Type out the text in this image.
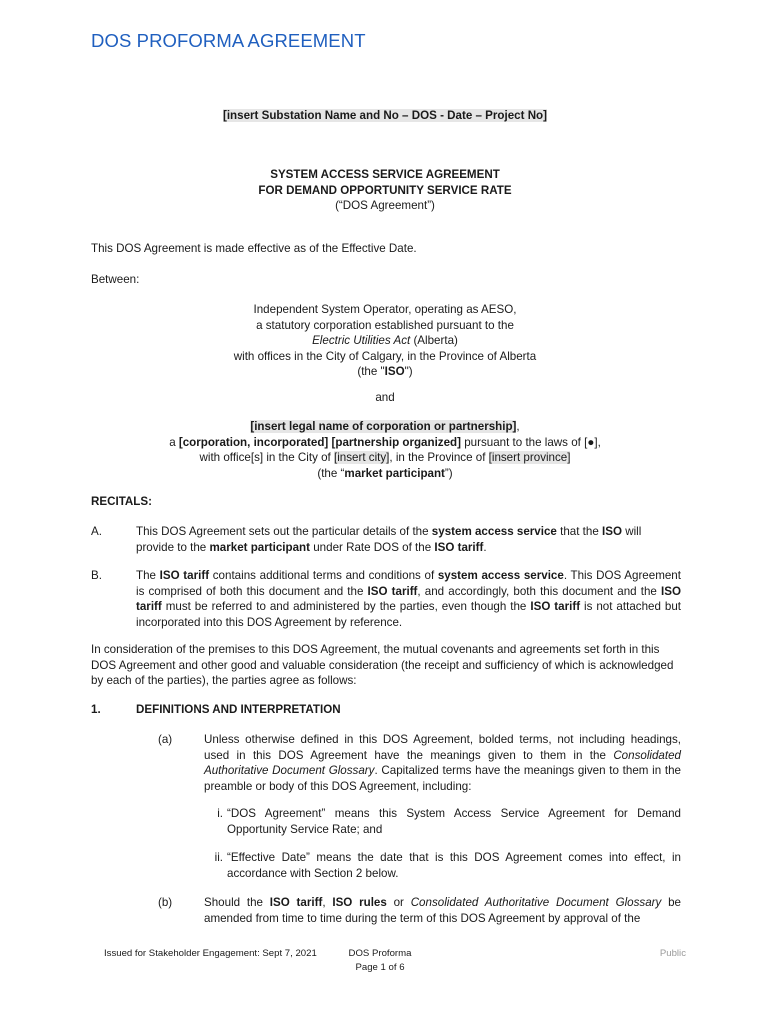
DOS PROFORMA AGREEMENT
[insert Substation Name and No – DOS - Date – Project No]
SYSTEM ACCESS SERVICE AGREEMENT
FOR DEMAND OPPORTUNITY SERVICE RATE
(“DOS Agreement”)
This DOS Agreement is made effective as of the Effective Date.
Between:
Independent System Operator, operating as AESO,
a statutory corporation established pursuant to the
Electric Utilities Act (Alberta)
with offices in the City of Calgary, in the Province of Alberta
(the "ISO")
and
[insert legal name of corporation or partnership],
a [corporation, incorporated] [partnership organized] pursuant to the laws of [●],
with office[s] in the City of [insert city], in the Province of [insert province]
(the “market participant”)
RECITALS:
A.	This DOS Agreement sets out the particular details of the system access service that the ISO will provide to the market participant under Rate DOS of the ISO tariff.
B.	The ISO tariff contains additional terms and conditions of system access service. This DOS Agreement is comprised of both this document and the ISO tariff, and accordingly, both this document and the ISO tariff must be referred to and administered by the parties, even though the ISO tariff is not attached but incorporated into this DOS Agreement by reference.
In consideration of the premises to this DOS Agreement, the mutual covenants and agreements set forth in this DOS Agreement and other good and valuable consideration (the receipt and sufficiency of which is acknowledged by each of the parties), the parties agree as follows:
1.	DEFINITIONS AND INTERPRETATION
(a)	Unless otherwise defined in this DOS Agreement, bolded terms, not including headings, used in this DOS Agreement have the meanings given to them in the Consolidated Authoritative Document Glossary. Capitalized terms have the meanings given to them in the preamble or body of this DOS Agreement, including:
i. “DOS Agreement” means this System Access Service Agreement for Demand Opportunity Service Rate; and
ii. “Effective Date” means the date that is this DOS Agreement comes into effect, in accordance with Section 2 below.
(b)	Should the ISO tariff, ISO rules or Consolidated Authoritative Document Glossary be amended from time to time during the term of this DOS Agreement by approval of the
Issued for Stakeholder Engagement: Sept 7, 2021	DOS Proforma
Page 1 of 6
Public
